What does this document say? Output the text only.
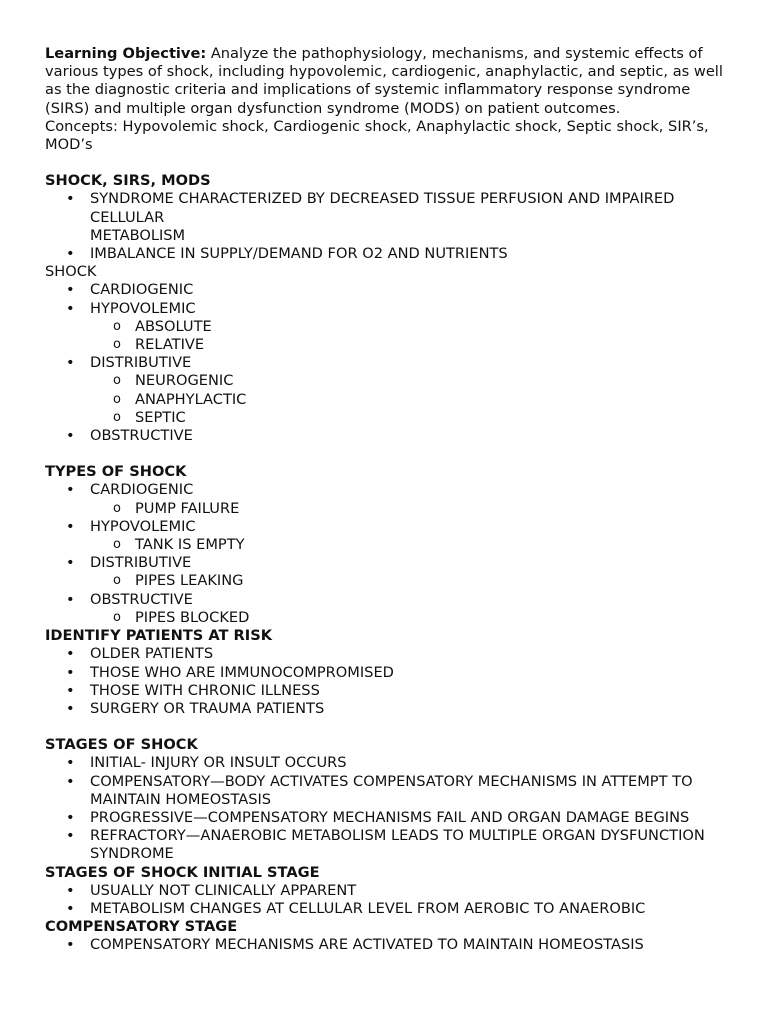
Learning Objective: Analyze the pathophysiology, mechanisms, and systemic effects of various types of shock, including hypovolemic, cardiogenic, anaphylactic, and septic, as well as the diagnostic criteria and implications of systemic inflammatory response syndrome (SIRS) and multiple organ dysfunction syndrome (MODS) on patient outcomes.
Concepts: Hypovolemic shock, Cardiogenic shock, Anaphylactic shock, Septic shock, SIR’s, MOD’s

SHOCK, SIRS, MODS

• SYNDROME CHARACTERIZED BY DECREASED TISSUE PERFUSION AND IMPAIRED CELLULAR
METABOLISM
• IMBALANCE IN SUPPLY/DEMAND FOR O2 AND NUTRIENTS

SHOCK

• CARDIOGENIC
• HYPOVOLEMIC
o ABSOLUTE
o RELATIVE
• DISTRIBUTIVE
o NEUROGENIC
o ANAPHYLACTIC
o SEPTIC
• OBSTRUCTIVE

TYPES OF SHOCK

• CARDIOGENIC
o PUMP FAILURE
• HYPOVOLEMIC
o TANK IS EMPTY
• DISTRIBUTIVE
o PIPES LEAKING
• OBSTRUCTIVE
o PIPES BLOCKED

IDENTIFY PATIENTS AT RISK

• OLDER PATIENTS
• THOSE WHO ARE IMMUNOCOMPROMISED
• THOSE WITH CHRONIC ILLNESS
• SURGERY OR TRAUMA PATIENTS

STAGES OF SHOCK

• INITIAL- INJURY OR INSULT OCCURS
• COMPENSATORY—BODY ACTIVATES COMPENSATORY MECHANISMS IN ATTEMPT TO MAINTAIN HOMEOSTASIS
• PROGRESSIVE—COMPENSATORY MECHANISMS FAIL AND ORGAN DAMAGE BEGINS
• REFRACTORY—ANAEROBIC METABOLISM LEADS TO MULTIPLE ORGAN DYSFUNCTION SYNDROME

STAGES OF SHOCK INITIAL STAGE

• USUALLY NOT CLINICALLY APPARENT
• METABOLISM CHANGES AT CELLULAR LEVEL FROM AEROBIC TO ANAEROBIC

COMPENSATORY STAGE

• COMPENSATORY MECHANISMS ARE ACTIVATED TO MAINTAIN HOMEOSTASIS
